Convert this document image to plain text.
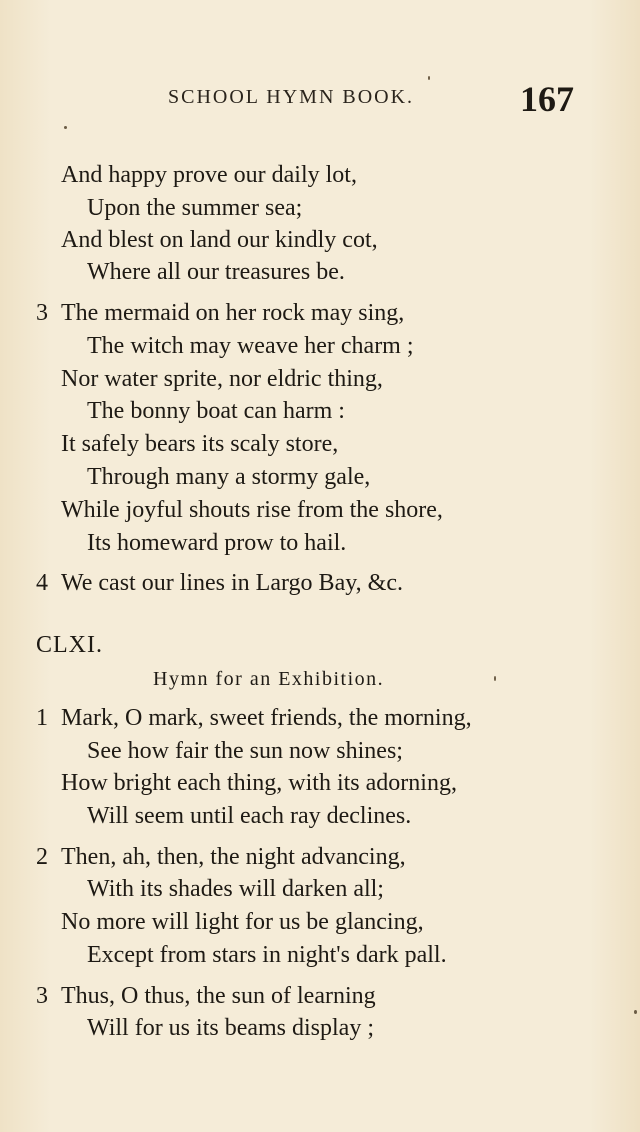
SCHOOL HYMN BOOK.	167
And happy prove our daily lot,
Upon the summer sea;
And blest on land our kindly cot,
Where all our treasures be.
3 The mermaid on her rock may sing,
The witch may weave her charm ;
Nor water sprite, nor eldric thing,
The bonny boat can harm :
It safely bears its scaly store,
Through many a stormy gale,
While joyful shouts rise from the shore,
Its homeward prow to hail.
4 We cast our lines in Largo Bay, &c.
CLXI.
Hymn for an Exhibition.
1 Mark, O mark, sweet friends, the morning,
See how fair the sun now shines;
How bright each thing, with its adorning,
Will seem until each ray declines.
2 Then, ah, then, the night advancing,
With its shades will darken all;
No more will light for us be glancing,
Except from stars in night's dark pall.
3 Thus, O thus, the sun of learning
Will for us its beams display ;
